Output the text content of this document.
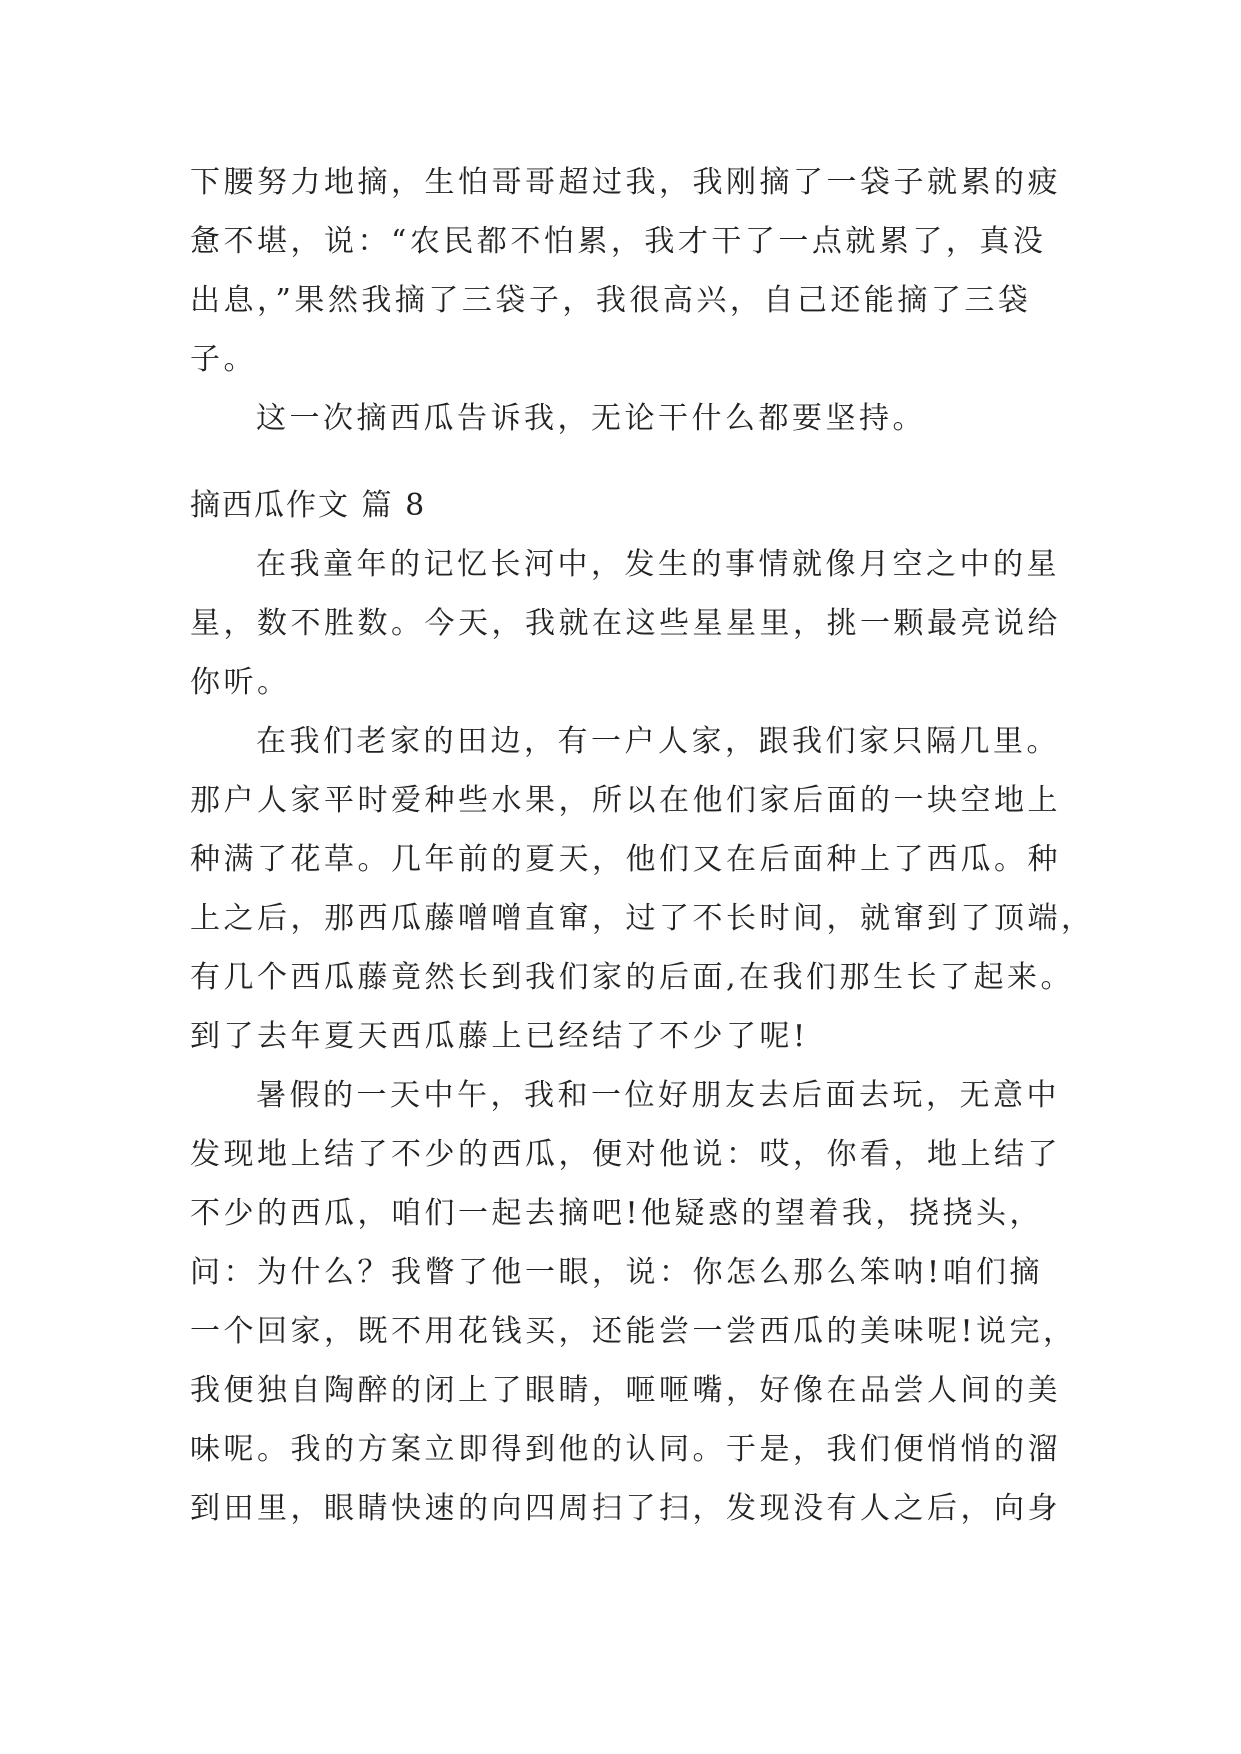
下腰努力地摘，生怕哥哥超过我，我刚摘了一袋子就累的疲
惫不堪，说：“农民都不怕累，我才干了一点就累了，真没
出息，”果然我摘了三袋子，我很高兴，自己还能摘了三袋
子。
这一次摘西瓜告诉我，无论干什么都要坚持。
摘西瓜作文 篇 8
在我童年的记忆长河中，发生的事情就像月空之中的星
星，数不胜数。今天，我就在这些星星里，挑一颗最亮说给
你听。
在我们老家的田边，有一户人家，跟我们家只隔几里。
那户人家平时爱种些水果，所以在他们家后面的一块空地上
种满了花草。几年前的夏天，他们又在后面种上了西瓜。种
上之后，那西瓜藤噌噌直窜，过了不长时间，就窜到了顶端，
有几个西瓜藤竟然长到我们家的后面,在我们那生长了起来。
到了去年夏天西瓜藤上已经结了不少了呢!
暑假的一天中午，我和一位好朋友去后面去玩，无意中
发现地上结了不少的西瓜，便对他说：哎，你看，地上结了
不少的西瓜，咱们一起去摘吧!他疑惑的望着我，挠挠头，
问：为什么？我瞥了他一眼，说：你怎么那么笨呐!咱们摘
一个回家，既不用花钱买，还能尝一尝西瓜的美味呢!说完，
我便独自陶醉的闭上了眼睛，咂咂嘴，好像在品尝人间的美
味呢。我的方案立即得到他的认同。于是，我们便悄悄的溜
到田里，眼睛快速的向四周扫了扫，发现没有人之后，向身
